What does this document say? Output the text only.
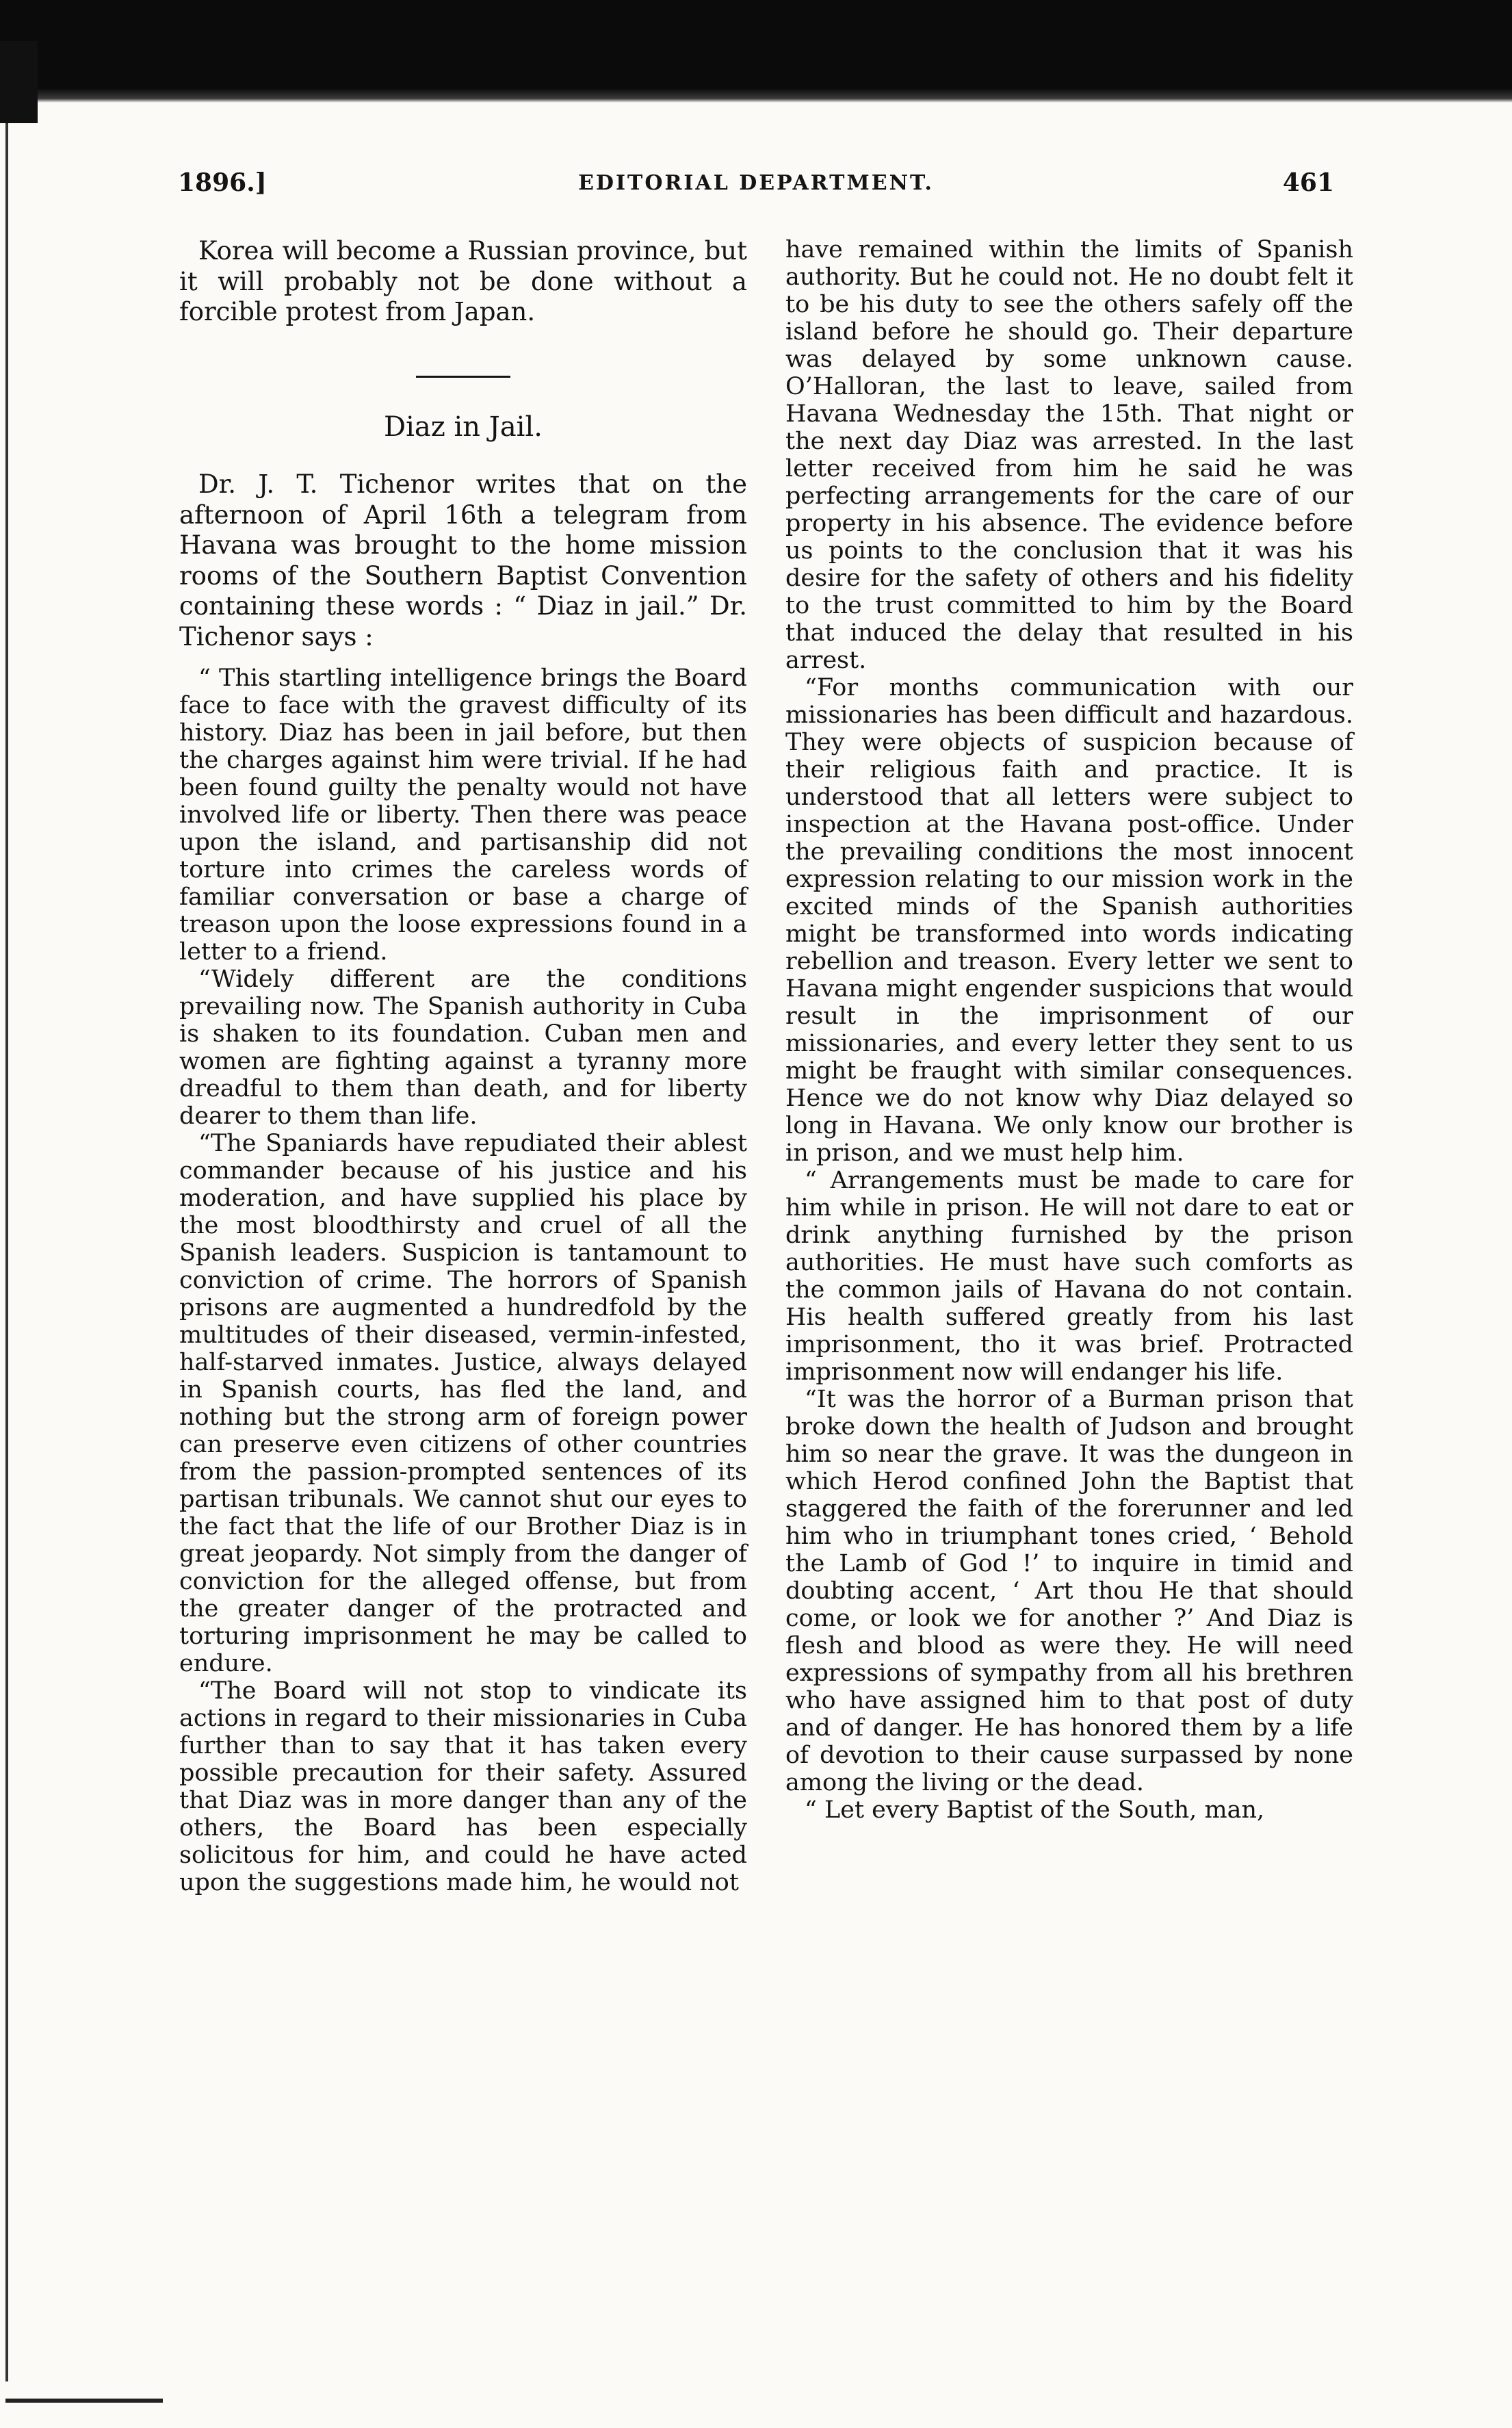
1896.]	EDITORIAL DEPARTMENT.	461

Korea will become a Russian province, but it will probably not be done without a forcible protest from Japan.

Diaz in Jail.

Dr. J. T. Tichenor writes that on the afternoon of April 16th a telegram from Havana was brought to the home mission rooms of the Southern Baptist Convention containing these words : “ Diaz in jail.” Dr. Tichenor says :

“ This startling intelligence brings the Board face to face with the gravest difficulty of its history. Diaz has been in jail before, but then the charges against him were trivial. If he had been found guilty the penalty would not have involved life or liberty. Then there was peace upon the island, and partisanship did not torture into crimes the careless words of familiar conversation or base a charge of treason upon the loose expressions found in a letter to a friend.

“Widely different are the conditions prevailing now. The Spanish authority in Cuba is shaken to its foundation. Cuban men and women are fighting against a tyranny more dreadful to them than death, and for liberty dearer to them than life.

“The Spaniards have repudiated their ablest commander because of his justice and his moderation, and have supplied his place by the most bloodthirsty and cruel of all the Spanish leaders. Suspicion is tantamount to conviction of crime. The horrors of Spanish prisons are augmented a hundredfold by the multitudes of their diseased, vermin-infested, half-starved inmates. Justice, always delayed in Spanish courts, has fled the land, and nothing but the strong arm of foreign power can preserve even citizens of other countries from the passion-prompted sentences of its partisan tribunals. We cannot shut our eyes to the fact that the life of our Brother Diaz is in great jeopardy. Not simply from the danger of conviction for the alleged offense, but from the greater danger of the protracted and torturing imprisonment he may be called to endure.

“The Board will not stop to vindicate its actions in regard to their missionaries in Cuba further than to say that it has taken every possible precaution for their safety. Assured that Diaz was in more danger than any of the others, the Board has been especially solicitous for him, and could he have acted upon the suggestions made him, he would not

have remained within the limits of Spanish authority. But he could not. He no doubt felt it to be his duty to see the others safely off the island before he should go. Their departure was delayed by some unknown cause. O’Halloran, the last to leave, sailed from Havana Wednesday the 15th. That night or the next day Diaz was arrested. In the last letter received from him he said he was perfecting arrangements for the care of our property in his absence. The evidence before us points to the conclusion that it was his desire for the safety of others and his fidelity to the trust committed to him by the Board that induced the delay that resulted in his arrest.

“For months communication with our missionaries has been difficult and hazardous. They were objects of suspicion because of their religious faith and practice. It is understood that all letters were subject to inspection at the Havana post-office. Under the prevailing conditions the most innocent expression relating to our mission work in the excited minds of the Spanish authorities might be transformed into words indicating rebellion and treason. Every letter we sent to Havana might engender suspicions that would result in the imprisonment of our missionaries, and every letter they sent to us might be fraught with similar consequences. Hence we do not know why Diaz delayed so long in Havana. We only know our brother is in prison, and we must help him.

“ Arrangements must be made to care for him while in prison. He will not dare to eat or drink anything furnished by the prison authorities. He must have such comforts as the common jails of Havana do not contain. His health suffered greatly from his last imprisonment, tho it was brief. Protracted imprisonment now will endanger his life.

“It was the horror of a Burman prison that broke down the health of Judson and brought him so near the grave. It was the dungeon in which Herod confined John the Baptist that staggered the faith of the forerunner and led him who in triumphant tones cried, ‘ Behold the Lamb of God !’ to inquire in timid and doubting accent, ‘ Art thou He that should come, or look we for another ?’ And Diaz is flesh and blood as were they. He will need expressions of sympathy from all his brethren who have assigned him to that post of duty and of danger. He has honored them by a life of devotion to their cause surpassed by none among the living or the dead.

“ Let every Baptist of the South, man,
